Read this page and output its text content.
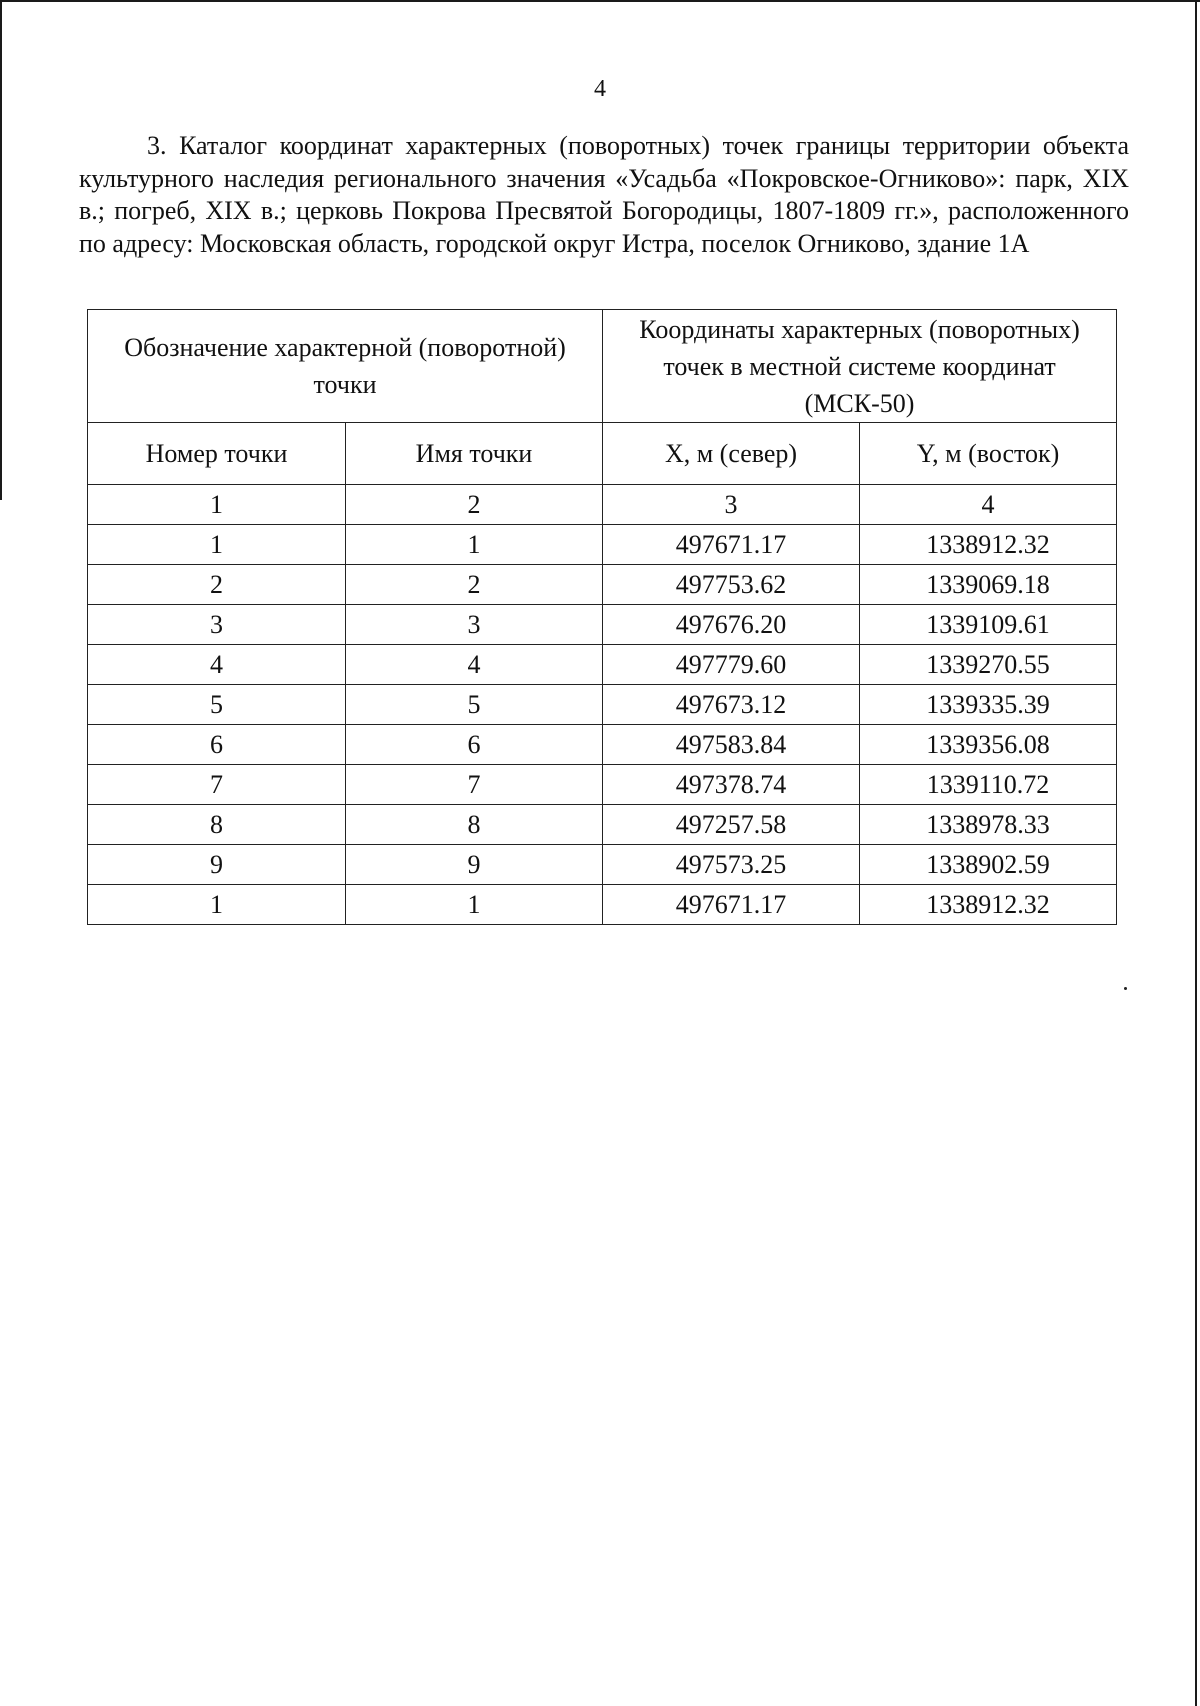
4

3. Каталог координат характерных (поворотных) точек границы территории объекта культурного наследия регионального значения «Усадьба «Покровское-Огниково»: парк, XIX в.; погреб, XIX в.; церковь Покрова Пресвятой Богородицы, 1807-1809 гг.», расположенного по адресу: Московская область, городской округ Истра, поселок Огниково, здание 1А

Обозначение характерной (поворотной) точки		Координаты характерных (поворотных) точек в местной системе координат (МСК-50)	
Номер точки	Имя точки	X, м (север)	Y, м (восток)
1	2	3	4
1	1	497671.17	1338912.32
2	2	497753.62	1339069.18
3	3	497676.20	1339109.61
4	4	497779.60	1339270.55
5	5	497673.12	1339335.39
6	6	497583.84	1339356.08
7	7	497378.74	1339110.72
8	8	497257.58	1338978.33
9	9	497573.25	1338902.59
1	1	497671.17	1338912.32
